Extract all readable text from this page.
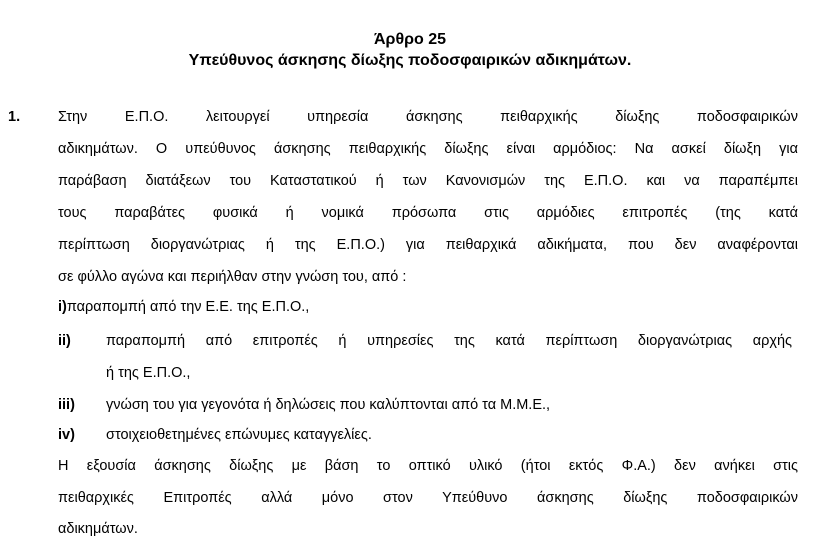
Άρθρο 25
Υπεύθυνος άσκησης δίωξης ποδοσφαιρικών αδικημάτων.
1.	Στην Ε.Π.Ο. λειτουργεί υπηρεσία άσκησης πειθαρχικής δίωξης ποδοσφαιρικών
αδικημάτων. Ο υπεύθυνος άσκησης πειθαρχικής δίωξης είναι αρμόδιος: Να ασκεί δίωξη για
παράβαση διατάξεων του Καταστατικού ή των Κανονισμών της Ε.Π.Ο. και να παραπέμπει
τους παραβάτες φυσικά ή νομικά πρόσωπα στις αρμόδιες επιτροπές (της κατά
περίπτωση διοργανώτριας ή της Ε.Π.Ο.) για πειθαρχικά αδικήματα, που δεν αναφέρονται
σε φύλλο αγώνα και περιήλθαν στην γνώση του, από :
i)παραπομπή από την Ε.Ε. της Ε.Π.Ο.,
ii) παραπομπή από επιτροπές ή υπηρεσίες της κατά περίπτωση διοργανώτριας αρχής
ή της Ε.Π.Ο.,
iii) γνώση του για γεγονότα ή δηλώσεις που καλύπτονται από τα Μ.Μ.Ε.,
iv) στοιχειοθετημένες επώνυμες καταγγελίες.
Η εξουσία άσκησης δίωξης με βάση το οπτικό υλικό (ήτοι εκτός Φ.Α.) δεν ανήκει στις
πειθαρχικές Επιτροπές αλλά μόνο στον Υπεύθυνο άσκησης δίωξης ποδοσφαιρικών
αδικημάτων.
